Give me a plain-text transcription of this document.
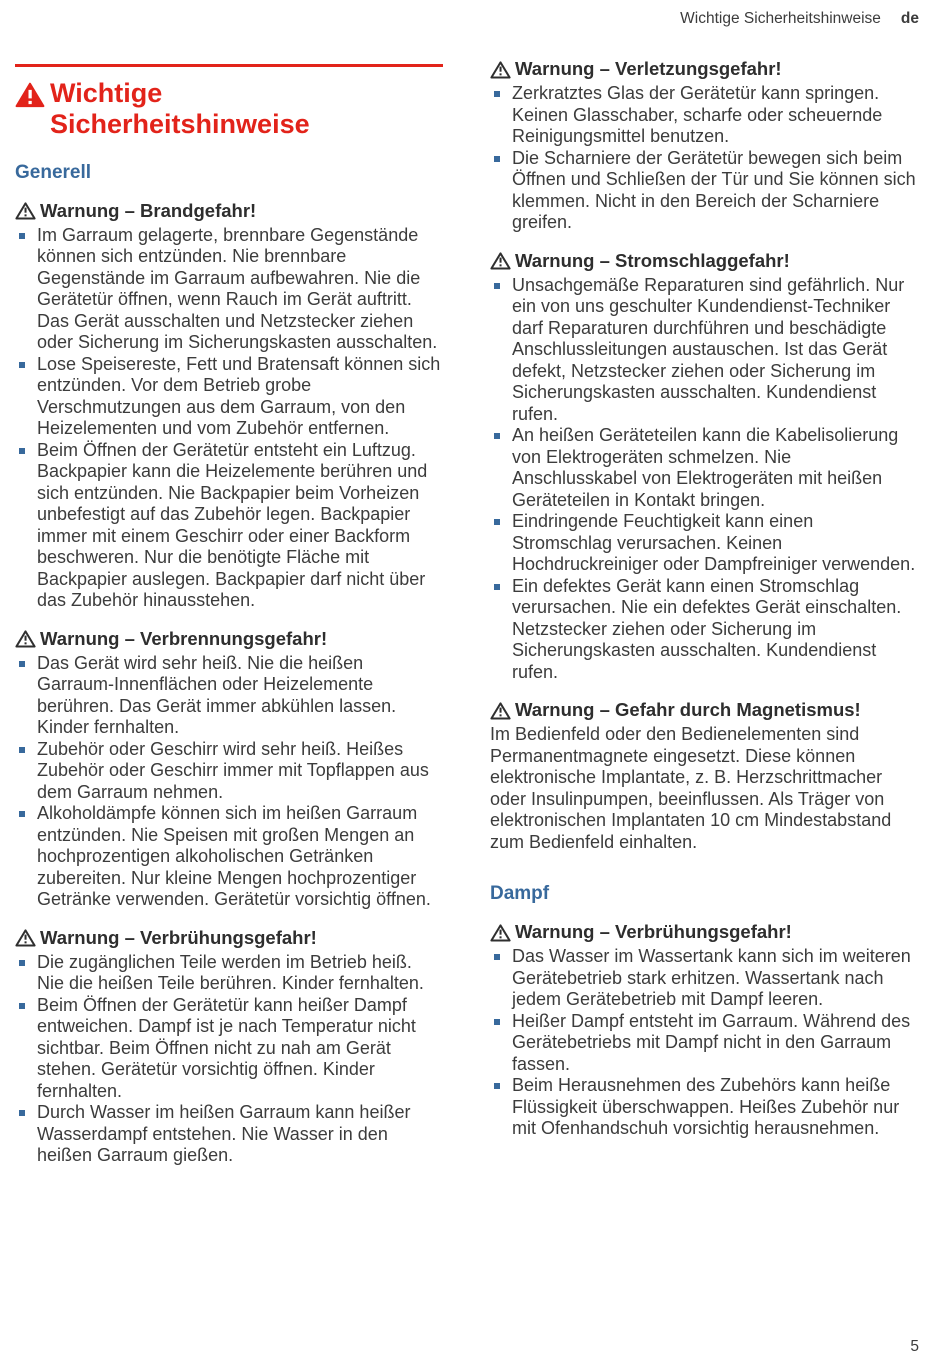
Wichtige Sicherheitshinweise de
Wichtige Sicherheitshinweise
Generell
Warnung – Brandgefahr!
Im Garraum gelagerte, brennbare Gegenstände können sich entzünden. Nie brennbare Gegenstände im Garraum aufbewahren. Nie die Gerätetür öffnen, wenn Rauch im Gerät auftritt. Das Gerät ausschalten und Netzstecker ziehen oder Sicherung im Sicherungskasten ausschalten.
Lose Speisereste, Fett und Bratensaft können sich entzünden. Vor dem Betrieb grobe Verschmutzungen aus dem Garraum, von den Heizelementen und vom Zubehör entfernen.
Beim Öffnen der Gerätetür entsteht ein Luftzug. Backpapier kann die Heizelemente berühren und sich entzünden. Nie Backpapier beim Vorheizen unbefestigt auf das Zubehör legen. Backpapier immer mit einem Geschirr oder einer Backform beschweren. Nur die benötigte Fläche mit Backpapier auslegen. Backpapier darf nicht über das Zubehör hinausstehen.
Warnung – Verbrennungsgefahr!
Das Gerät wird sehr heiß. Nie die heißen Garraum-Innenflächen oder Heizelemente berühren. Das Gerät immer abkühlen lassen. Kinder fernhalten.
Zubehör oder Geschirr wird sehr heiß. Heißes Zubehör oder Geschirr immer mit Topflappen aus dem Garraum nehmen.
Alkoholdämpfe können sich im heißen Garraum entzünden. Nie Speisen mit großen Mengen an hochprozentigen alkoholischen Getränken zubereiten. Nur kleine Mengen hochprozentiger Getränke verwenden. Gerätetür vorsichtig öffnen.
Warnung – Verbrühungsgefahr!
Die zugänglichen Teile werden im Betrieb heiß. Nie die heißen Teile berühren. Kinder fernhalten.
Beim Öffnen der Gerätetür kann heißer Dampf entweichen. Dampf ist je nach Temperatur nicht sichtbar. Beim Öffnen nicht zu nah am Gerät stehen. Gerätetür vorsichtig öffnen. Kinder fernhalten.
Durch Wasser im heißen Garraum kann heißer Wasserdampf entstehen. Nie Wasser in den heißen Garraum gießen.
Warnung – Verletzungsgefahr!
Zerkratztes Glas der Gerätetür kann springen. Keinen Glasschaber, scharfe oder scheuernde Reinigungsmittel benutzen.
Die Scharniere der Gerätetür bewegen sich beim Öffnen und Schließen der Tür und Sie können sich klemmen. Nicht in den Bereich der Scharniere greifen.
Warnung – Stromschlaggefahr!
Unsachgemäße Reparaturen sind gefährlich. Nur ein von uns geschulter Kundendienst-Techniker darf Reparaturen durchführen und beschädigte Anschlussleitungen austauschen. Ist das Gerät defekt, Netzstecker ziehen oder Sicherung im Sicherungskasten ausschalten. Kundendienst rufen.
An heißen Geräteteilen kann die Kabelisolierung von Elektrogeräten schmelzen. Nie Anschlusskabel von Elektrogeräten mit heißen Geräteteilen in Kontakt bringen.
Eindringende Feuchtigkeit kann einen Stromschlag verursachen. Keinen Hochdruckreiniger oder Dampfreiniger verwenden.
Ein defektes Gerät kann einen Stromschlag verursachen. Nie ein defektes Gerät einschalten. Netzstecker ziehen oder Sicherung im Sicherungskasten ausschalten. Kundendienst rufen.
Warnung – Gefahr durch Magnetismus!

Im Bedienfeld oder den Bedienelementen sind Permanentmagnete eingesetzt. Diese können elektronische Implantate, z. B. Herzschrittmacher oder Insulinpumpen, beeinflussen. Als Träger von elektronischen Implantaten 10 cm Mindestabstand zum Bedienfeld einhalten.

Dampf
Warnung – Verbrühungsgefahr!
Das Wasser im Wassertank kann sich im weiteren Gerätebetrieb stark erhitzen. Wassertank nach jedem Gerätebetrieb mit Dampf leeren.
Heißer Dampf entsteht im Garraum. Während des Gerätebetriebs mit Dampf nicht in den Garraum fassen.
Beim Herausnehmen des Zubehörs kann heiße Flüssigkeit überschwappen. Heißes Zubehör nur mit Ofenhandschuh vorsichtig herausnehmen.
5
